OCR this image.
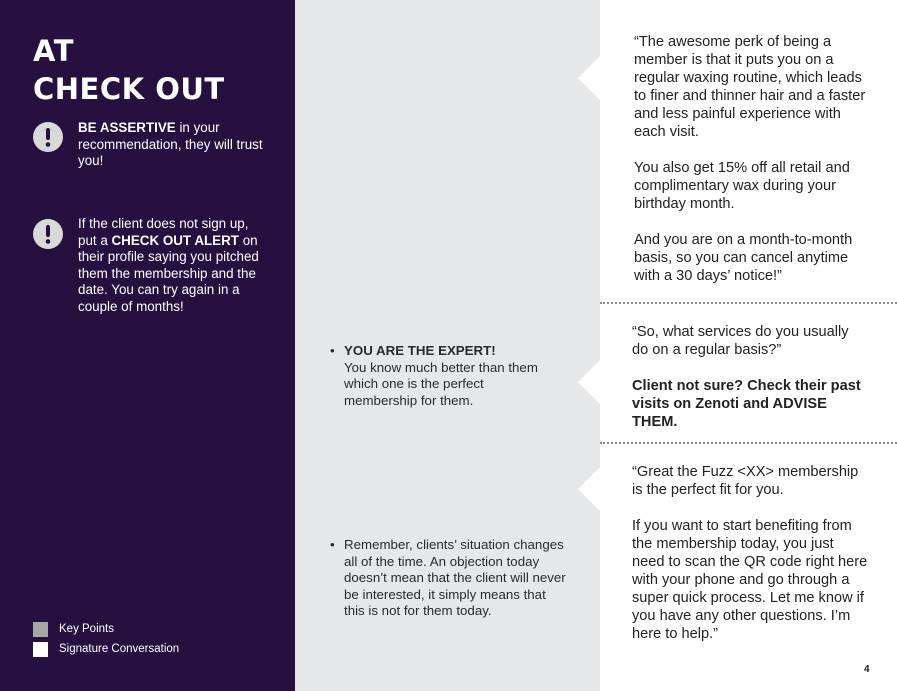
AT
CHECK OUT
BE ASSERTIVE in your recommendation, they will trust you!
If the client does not sign up, put a CHECK OUT ALERT on their profile saying you pitched them the membership and the date. You can try again in a couple of months!
Key Points
Signature Conversation
• YOU ARE THE EXPERT!
You know much better than them which one is the perfect membership for them.
• Remember, clients’ situation changes all of the time. An objection today doesn’t mean that the client will never be interested, it simply means that this is not for them today.

“The awesome perk of being a member is that it puts you on a regular waxing routine, which leads to finer and thinner hair and a faster and less painful experience with each visit.

You also get 15% off all retail and complimentary wax during your birthday month.

And you are on a month-to-month basis, so you can cancel anytime with a 30 days’ notice!”

“So, what services do you usually do on a regular basis?”

Client not sure? Check their past visits on Zenoti and ADVISE THEM.

“Great the Fuzz <XX> membership is the perfect fit for you.

If you want to start benefiting from the membership today, you just need to scan the QR code right here with your phone and go through a super quick process. Let me know if you have any other questions. I’m here to help.”

4
